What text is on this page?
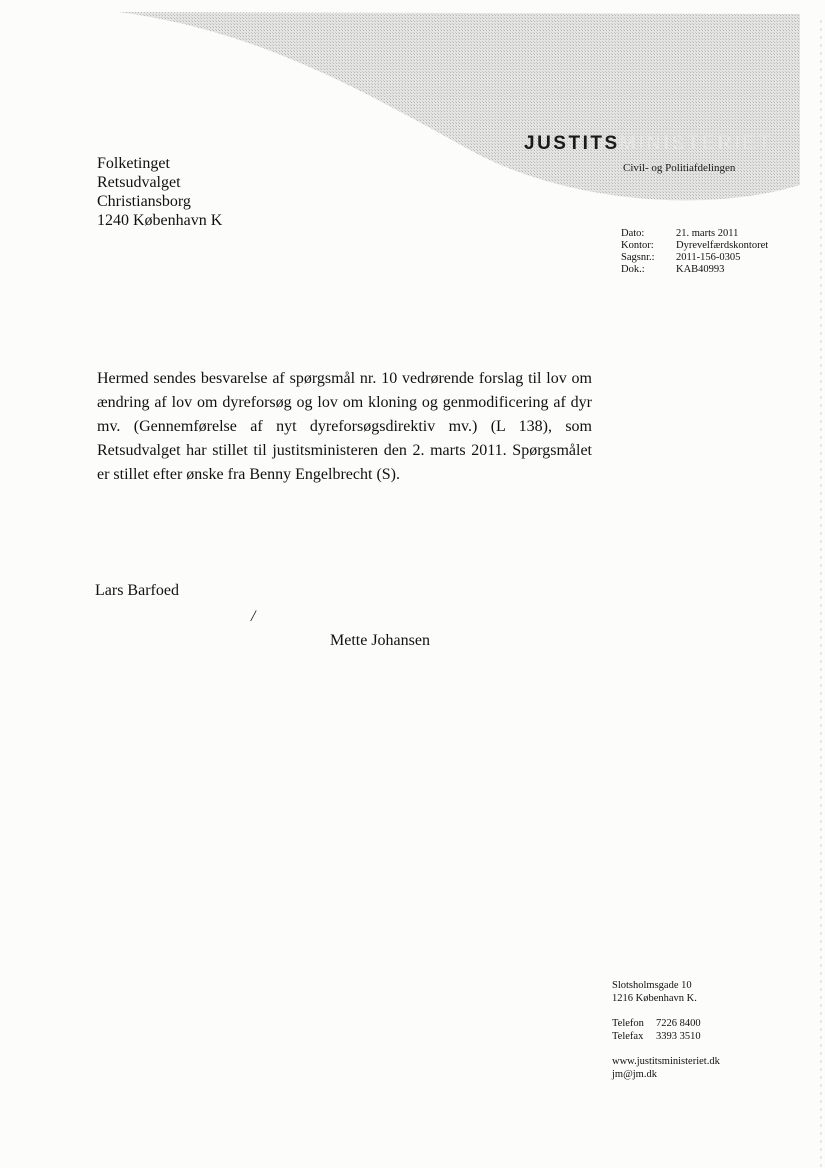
JUSTITSMINISTERIET
Civil- og Politiafdelingen
Folketinget
Retsudvalget
Christiansborg
1240 København K
Dato:	21. marts 2011
Kontor:	Dyrevelfærdskontoret
Sagsnr.:	2011-156-0305
Dok.:	KAB40993
Hermed sendes besvarelse af spørgsmål nr. 10 vedrørende forslag til lov om ændring af lov om dyreforsøg og lov om kloning og genmodificering af dyr mv. (Gennemførelse af nyt dyreforsøgsdirektiv mv.) (L 138), som Retsudvalget har stillet til justitsministeren den 2. marts 2011. Spørgsmålet er stillet efter ønske fra Benny Engelbrecht (S).
Lars Barfoed
/
Mette Johansen
Slotsholmsgade 10
1216 København K.
Telefon	7226 8400
Telefax	3393 3510
www.justitsministeriet.dk
jm@jm.dk
